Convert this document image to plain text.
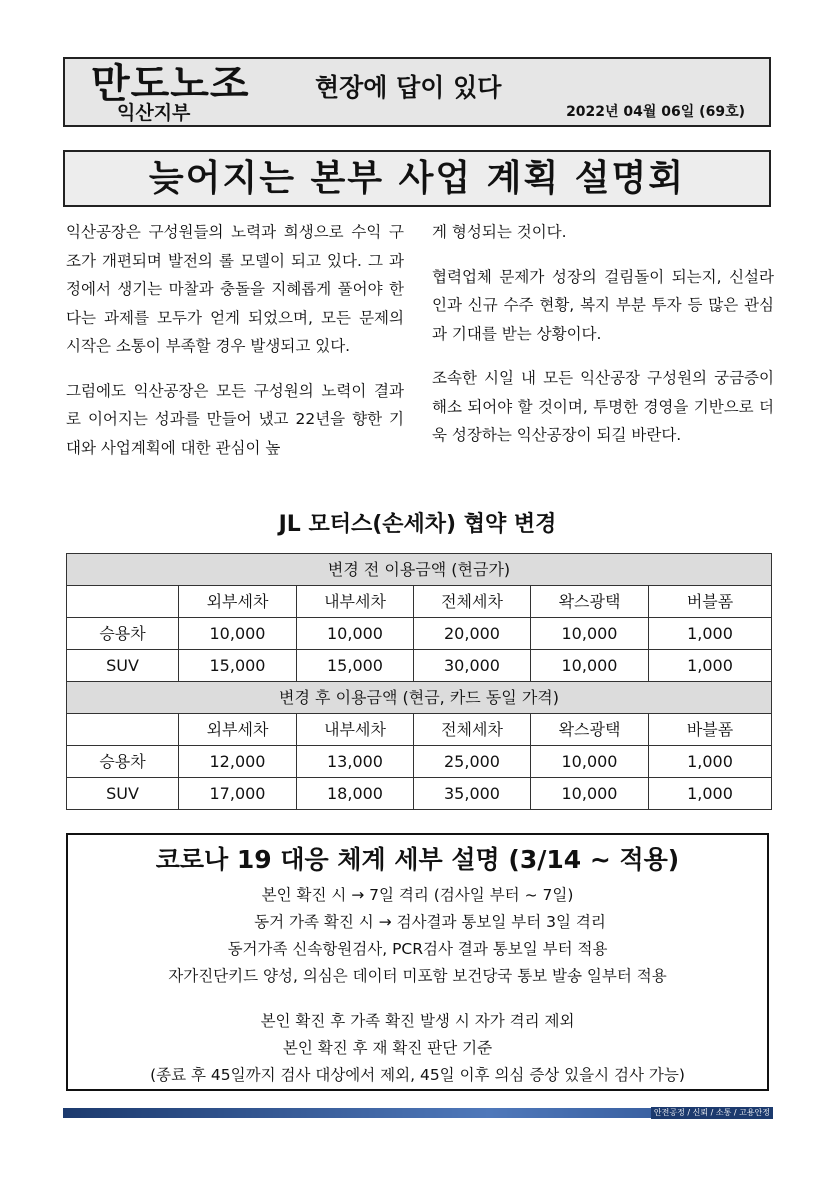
만도노조
익산지부
현장에 답이 있다
2022년 04월 06일 (69호)
늦어지는 본부 사업 계획 설명회

익산공장은 구성원들의 노력과 희생으로 수익 구조가 개편되며 발전의 롤 모델이 되고 있다. 그 과정에서 생기는 마찰과 충돌을 지혜롭게 풀어야 한다는 과제를 모두가 얻게 되었으며, 모든 문제의 시작은 소통이 부족할 경우 발생되고 있다.

그럼에도 익산공장은 모든 구성원의 노력이 결과로 이어지는 성과를 만들어 냈고 22년을 향한 기대와 사업계획에 대한 관심이 높

게 형성되는 것이다.

협력업체 문제가 성장의 걸림돌이 되는지, 신설라인과 신규 수주 현황, 복지 부분 투자 등 많은 관심과 기대를 받는 상황이다.

조속한 시일 내 모든 익산공장 구성원의 궁금증이 해소 되어야 할 것이며, 투명한 경영을 기반으로 더욱 성장하는 익산공장이 되길 바란다.

JL 모터스(손세차) 협약 변경
변경 전 이용금액 (현금가)					
	외부세차	내부세차	전체세차	왁스광택	버블폼
승용차	10,000	10,000	20,000	10,000	1,000
SUV	15,000	15,000	30,000	10,000	1,000
변경 후 이용금액 (현금, 카드 동일 가격)					
	외부세차	내부세차	전체세차	왁스광택	바블폼
승용차	12,000	13,000	25,000	10,000	1,000
SUV	17,000	18,000	35,000	10,000	1,000
코로나 19 대응 체계 세부 설명 (3/14 ~ 적용)
본인 확진 시 → 7일 격리 (검사일 부터 ~ 7일)
동거 가족 확진 시 → 검사결과 통보일 부터 3일 격리
동거가족 신속항원검사, PCR검사 결과 통보일 부터 적용
자가진단키드 양성, 의심은 데이터 미포함 보건당국 통보 발송 일부터 적용
본인 확진 후 가족 확진 발생 시 자가 격리 제외
본인 확진 후 재 확진 판단 기준
(종료 후 45일까지 검사 대상에서 제외, 45일 이후 의심 증상 있을시 검사 가능)
안전공정 / 신뢰 / 소통 / 고용안정
